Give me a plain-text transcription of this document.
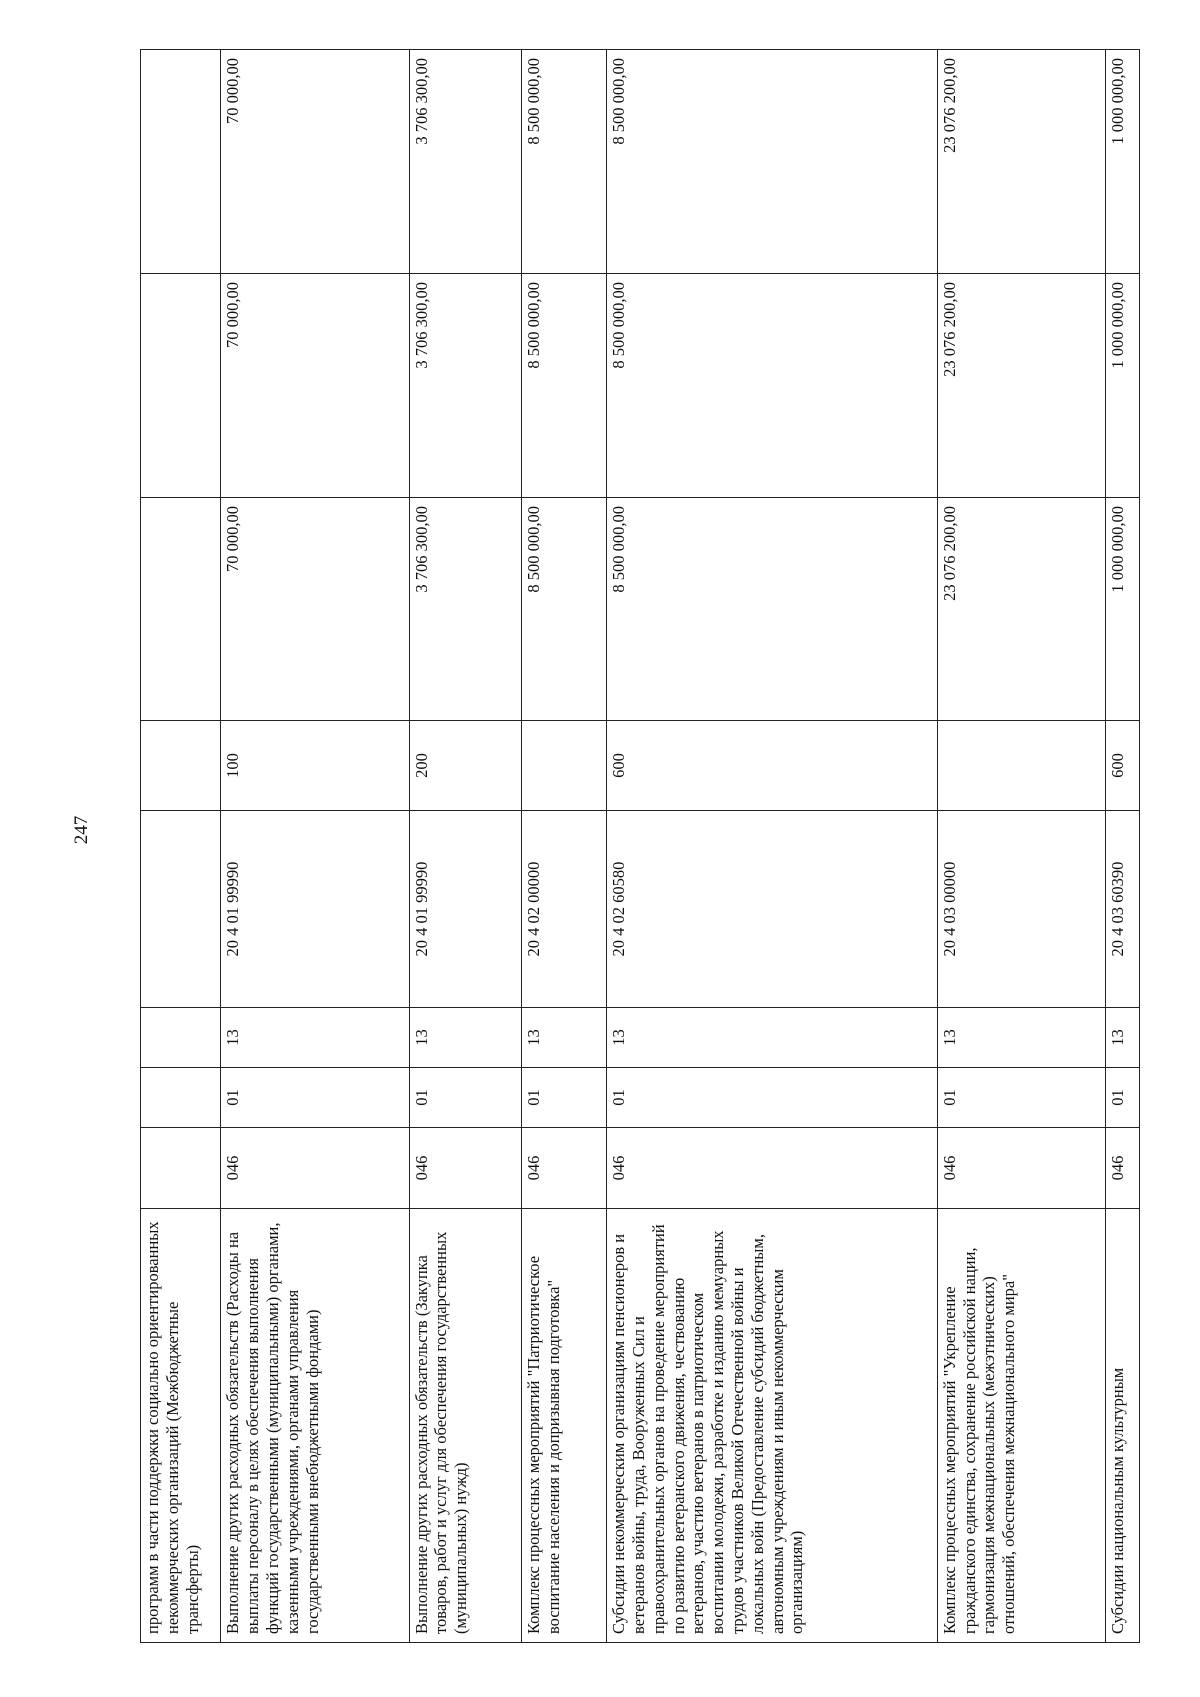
247
программ в части поддержки социально ориентированных некоммерческих организаций (Межбюджетные трансферты)								
Выполнение других расходных обязательств (Расходы на выплаты персоналу в целях обеспечения выполнения функций государственными (муниципальными) органами, казенными учреждениями, органами управления государственными внебюджетными фондами)	046	01	13	20 4 01 99990	100	70 000,00	70 000,00	70 000,00
Выполнение других расходных обязательств (Закупка товаров, работ и услуг для обеспечения государственных (муниципальных) нужд)	046	01	13	20 4 01 99990	200	3 706 300,00	3 706 300,00	3 706 300,00
Комплекс процессных мероприятий "Патриотическое воспитание населения и допризывная подготовка"	046	01	13	20 4 02 00000		8 500 000,00	8 500 000,00	8 500 000,00
Субсидии некоммерческим организациям пенсионеров и ветеранов войны, труда, Вооруженных Сил и правоохранительных органов на проведение мероприятий по развитию ветеранского движения, чествованию ветеранов, участию ветеранов в патриотическом воспитании молодежи, разработке и изданию мемуарных трудов участников Великой Отечественной войны и локальных войн (Предоставление субсидий бюджетным, автономным учреждениям и иным некоммерческим организациям)	046	01	13	20 4 02 60580	600	8 500 000,00	8 500 000,00	8 500 000,00
Комплекс процессных мероприятий "Укрепление гражданского единства, сохранение российской нации, гармонизация межнациональных (межэтнических) отношений, обеспечения межнационального мира"	046	01	13	20 4 03 00000		23 076 200,00	23 076 200,00	23 076 200,00
Субсидии национальным культурным	046	01	13	20 4 03 60390	600	1 000 000,00	1 000 000,00	1 000 000,00
